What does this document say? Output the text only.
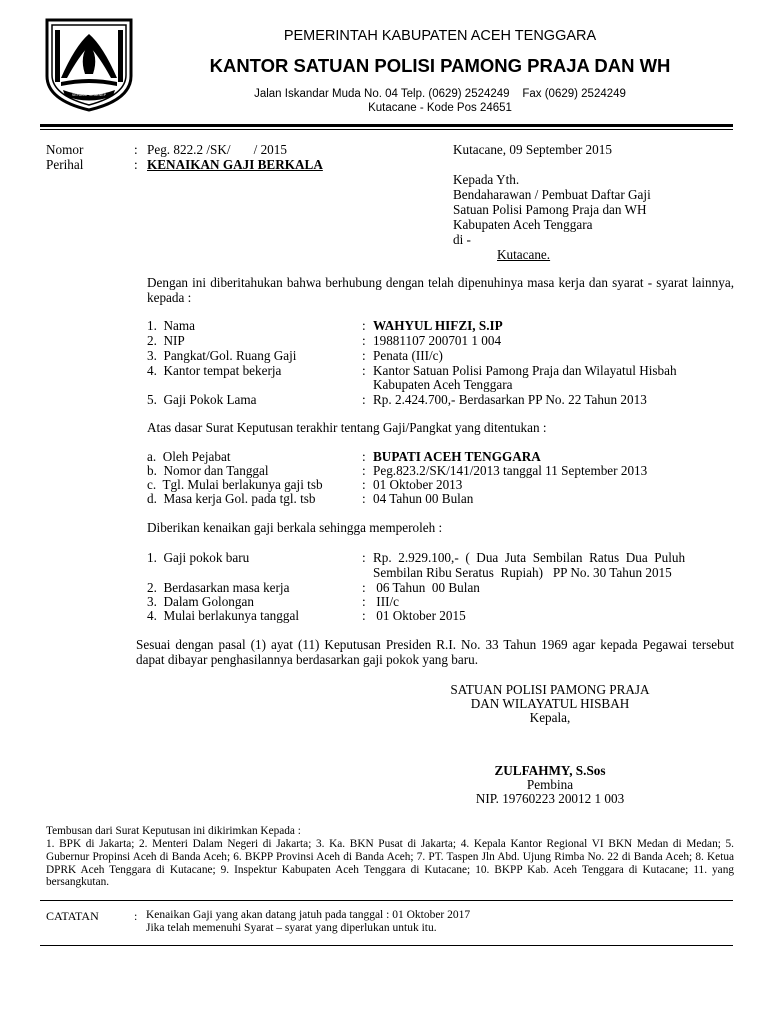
SEPAKAT SEGENEP
PEMERINTAH KABUPATEN ACEH TENGGARA
KANTOR SATUAN POLISI PAMONG PRAJA DAN WH
Jalan Iskandar Muda No. 04 Telp. (0629) 2524249    Fax (0629) 2524249
Kutacane - Kode Pos 24651
Nomor	: Peg. 822.2 /SK/       / 2015	Kutacane, 09 September 2015
Perihal	: KENAIKAN GAJI BERKALA
Kepada Yth.
Bendaharawan / Pembuat Daftar Gaji
Satuan Polisi Pamong Praja dan WH
Kabupaten Aceh Tenggara
di -
Kutacane.
Dengan ini diberitahukan bahwa berhubung dengan telah dipenuhinya masa kerja dan syarat - syarat lainnya, kepada :
1.  Nama	: WAHYUL HIFZI, S.IP
2.  NIP	: 19881107 200701 1 004
3.  Pangkat/Gol. Ruang Gaji	: Penata (III/c)
4.  Kantor tempat bekerja	: Kantor Satuan Polisi Pamong Praja dan Wilayatul Hisbah
Kabupaten Aceh Tenggara
5.  Gaji Pokok Lama	: Rp. 2.424.700,- Berdasarkan PP No. 22 Tahun 2013
Atas dasar Surat Keputusan terakhir tentang Gaji/Pangkat yang ditentukan :
a.  Oleh Pejabat	: BUPATI ACEH TENGGARA
b.  Nomor dan Tanggal	: Peg.823.2/SK/141/2013 tanggal 11 September 2013
c.  Tgl. Mulai berlakunya gaji tsb	: 01 Oktober 2013
d.  Masa kerja Gol. pada tgl. tsb	: 04 Tahun 00 Bulan
Diberikan kenaikan gaji berkala sehingga memperoleh :
1.  Gaji pokok baru	: Rp.  2.929.100,-  (  Dua  Juta  Sembilan  Ratus  Dua  Puluh
Sembilan Ribu Seratus  Rupiah)   PP No. 30 Tahun 2015
2.  Berdasarkan masa kerja	: 06 Tahun  00 Bulan
3.  Dalam Golongan	: III/c
4.  Mulai berlakunya tanggal	: 01 Oktober 2015
Sesuai dengan pasal (1) ayat (11) Keputusan Presiden R.I. No. 33 Tahun 1969 agar kepada Pegawai tersebut dapat dibayar penghasilannya berdasarkan gaji pokok yang baru.
SATUAN POLISI PAMONG PRAJA
DAN WILAYATUL HISBAH
Kepala,
ZULFAHMY, S.Sos
Pembina
NIP. 19760223 20012 1 003
Tembusan dari Surat Keputusan ini dikirimkan Kepada :
1. BPK di Jakarta; 2. Menteri Dalam Negeri di Jakarta; 3. Ka. BKN Pusat di Jakarta; 4. Kepala Kantor Regional VI BKN Medan di Medan; 5. Gubernur Propinsi Aceh di Banda Aceh; 6. BKPP Provinsi Aceh di Banda Aceh; 7. PT. Taspen Jln Abd. Ujung Rimba No. 22 di Banda Aceh; 8. Ketua DPRK Aceh Tenggara di Kutacane; 9. Inspektur Kabupaten Aceh Tenggara di Kutacane; 10. BKPP Kab. Aceh Tenggara di Kutacane; 11. yang bersangkutan.
CATATAN	: Kenaikan Gaji yang akan datang jatuh pada tanggal : 01 Oktober 2017
Jika telah memenuhi Syarat – syarat yang diperlukan untuk itu.
